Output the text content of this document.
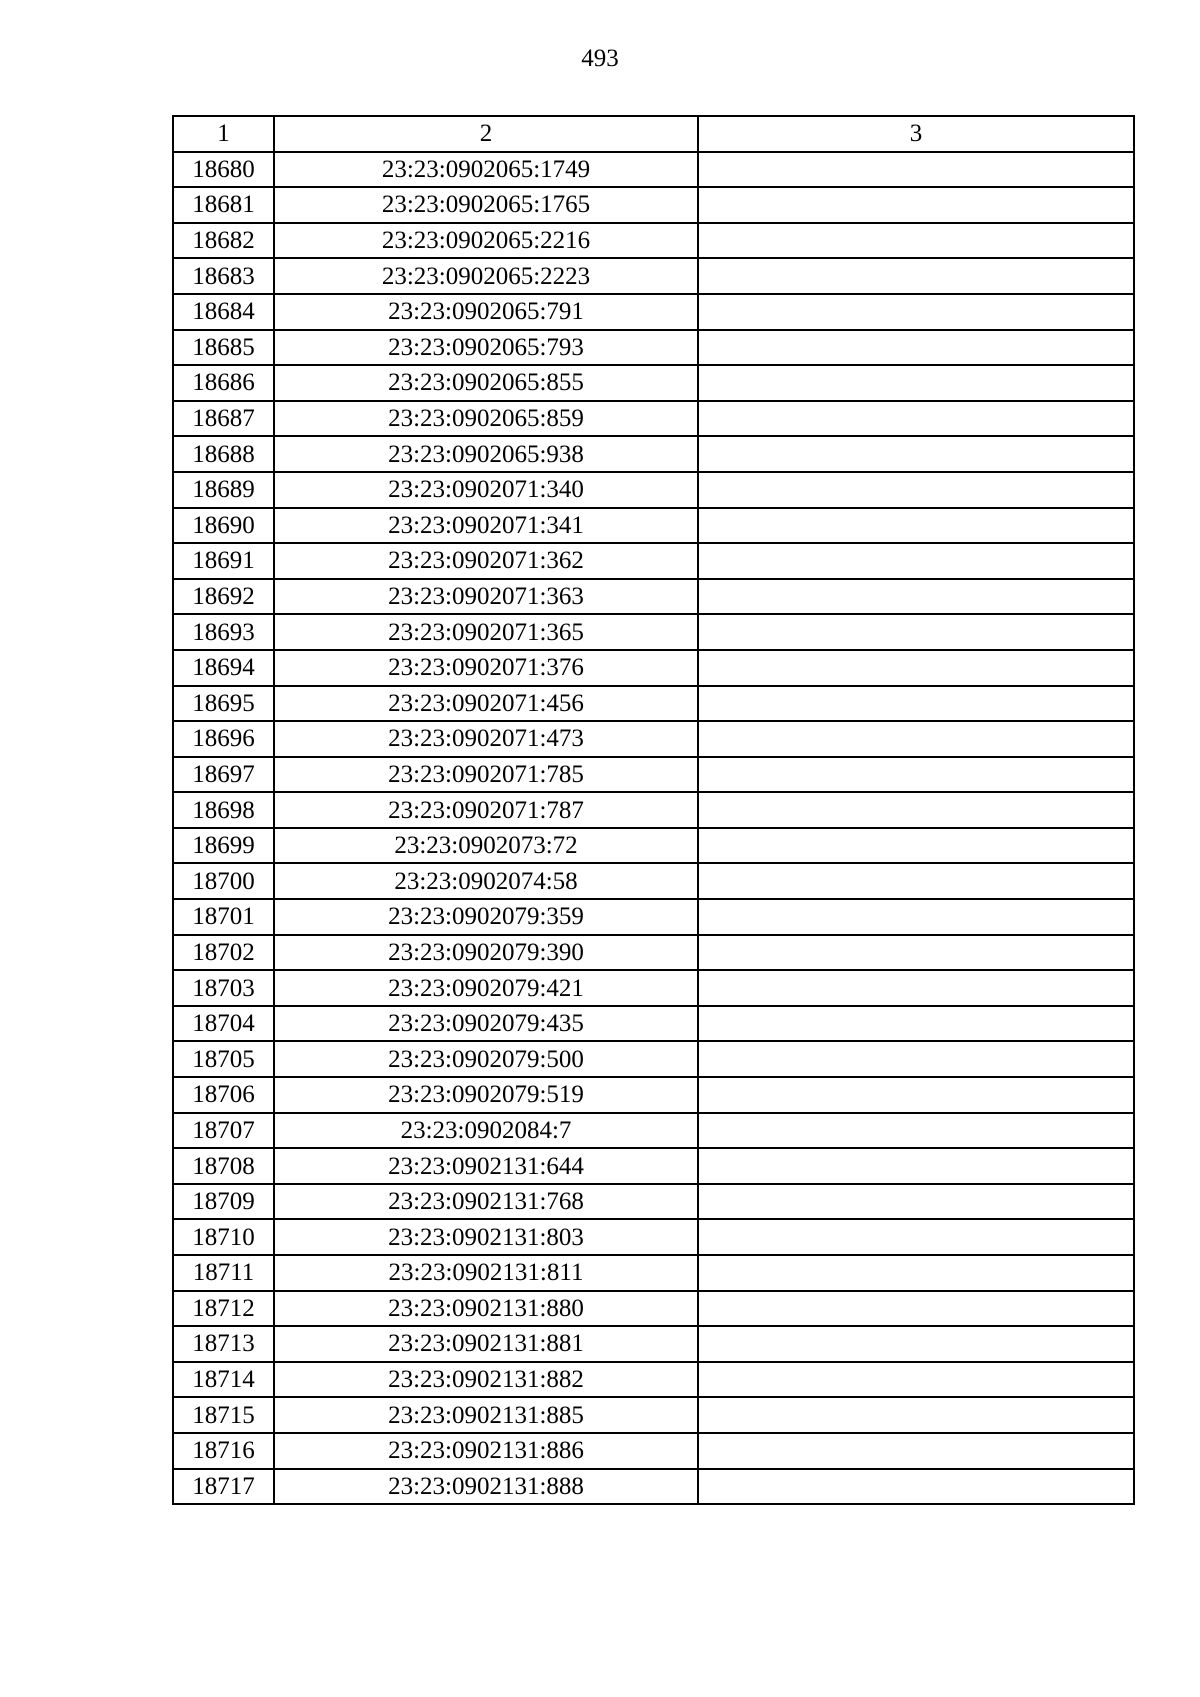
493
1	2	3
18680	23:23:0902065:1749	
18681	23:23:0902065:1765	
18682	23:23:0902065:2216	
18683	23:23:0902065:2223	
18684	23:23:0902065:791	
18685	23:23:0902065:793	
18686	23:23:0902065:855	
18687	23:23:0902065:859	
18688	23:23:0902065:938	
18689	23:23:0902071:340	
18690	23:23:0902071:341	
18691	23:23:0902071:362	
18692	23:23:0902071:363	
18693	23:23:0902071:365	
18694	23:23:0902071:376	
18695	23:23:0902071:456	
18696	23:23:0902071:473	
18697	23:23:0902071:785	
18698	23:23:0902071:787	
18699	23:23:0902073:72	
18700	23:23:0902074:58	
18701	23:23:0902079:359	
18702	23:23:0902079:390	
18703	23:23:0902079:421	
18704	23:23:0902079:435	
18705	23:23:0902079:500	
18706	23:23:0902079:519	
18707	23:23:0902084:7	
18708	23:23:0902131:644	
18709	23:23:0902131:768	
18710	23:23:0902131:803	
18711	23:23:0902131:811	
18712	23:23:0902131:880	
18713	23:23:0902131:881	
18714	23:23:0902131:882	
18715	23:23:0902131:885	
18716	23:23:0902131:886	
18717	23:23:0902131:888	
